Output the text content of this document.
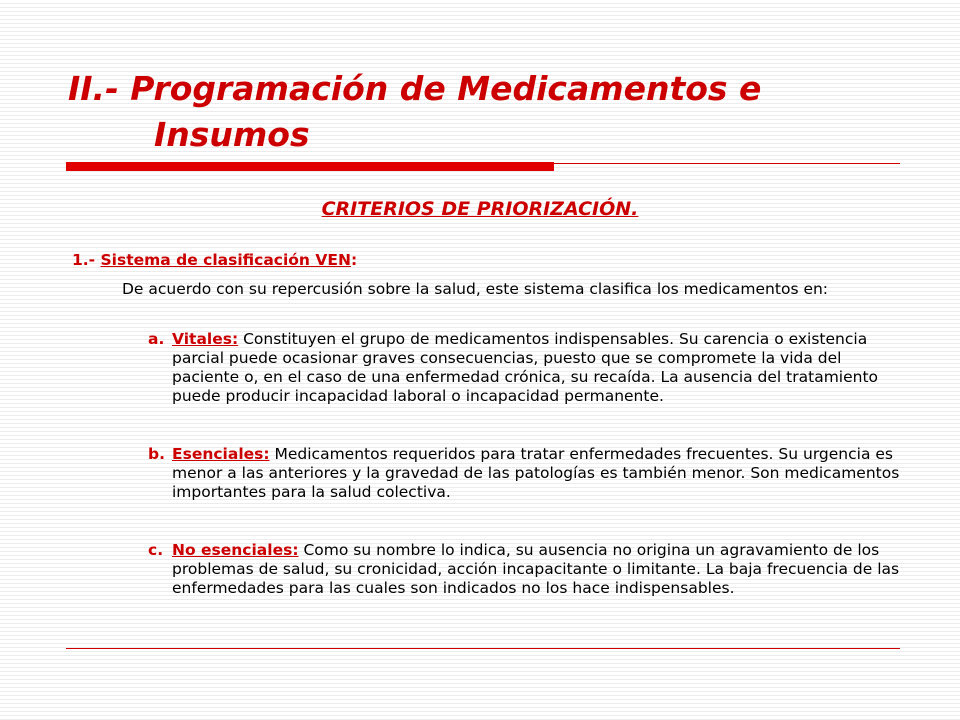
II.- Programación de Medicamentos e
Insumos
CRITERIOS DE PRIORIZACIÓN.
1.- Sistema de clasificación VEN:
De acuerdo con su repercusión sobre la salud, este sistema clasifica los medicamentos en:
a. Vitales: Constituyen el grupo de medicamentos indispensables. Su carencia o existencia parcial puede ocasionar graves consecuencias, puesto que se compromete la vida del paciente o, en el caso de una enfermedad crónica, su recaída. La ausencia del tratamiento puede producir incapacidad laboral o incapacidad permanente.
b. Esenciales: Medicamentos requeridos para tratar enfermedades frecuentes. Su urgencia es menor a las anteriores y la gravedad de las patologías es también menor. Son medicamentos importantes para la salud colectiva.
c. No esenciales: Como su nombre lo indica, su ausencia no origina un agravamiento de los problemas de salud, su cronicidad, acción incapacitante o limitante. La baja frecuencia de las enfermedades para las cuales son indicados no los hace indispensables.
